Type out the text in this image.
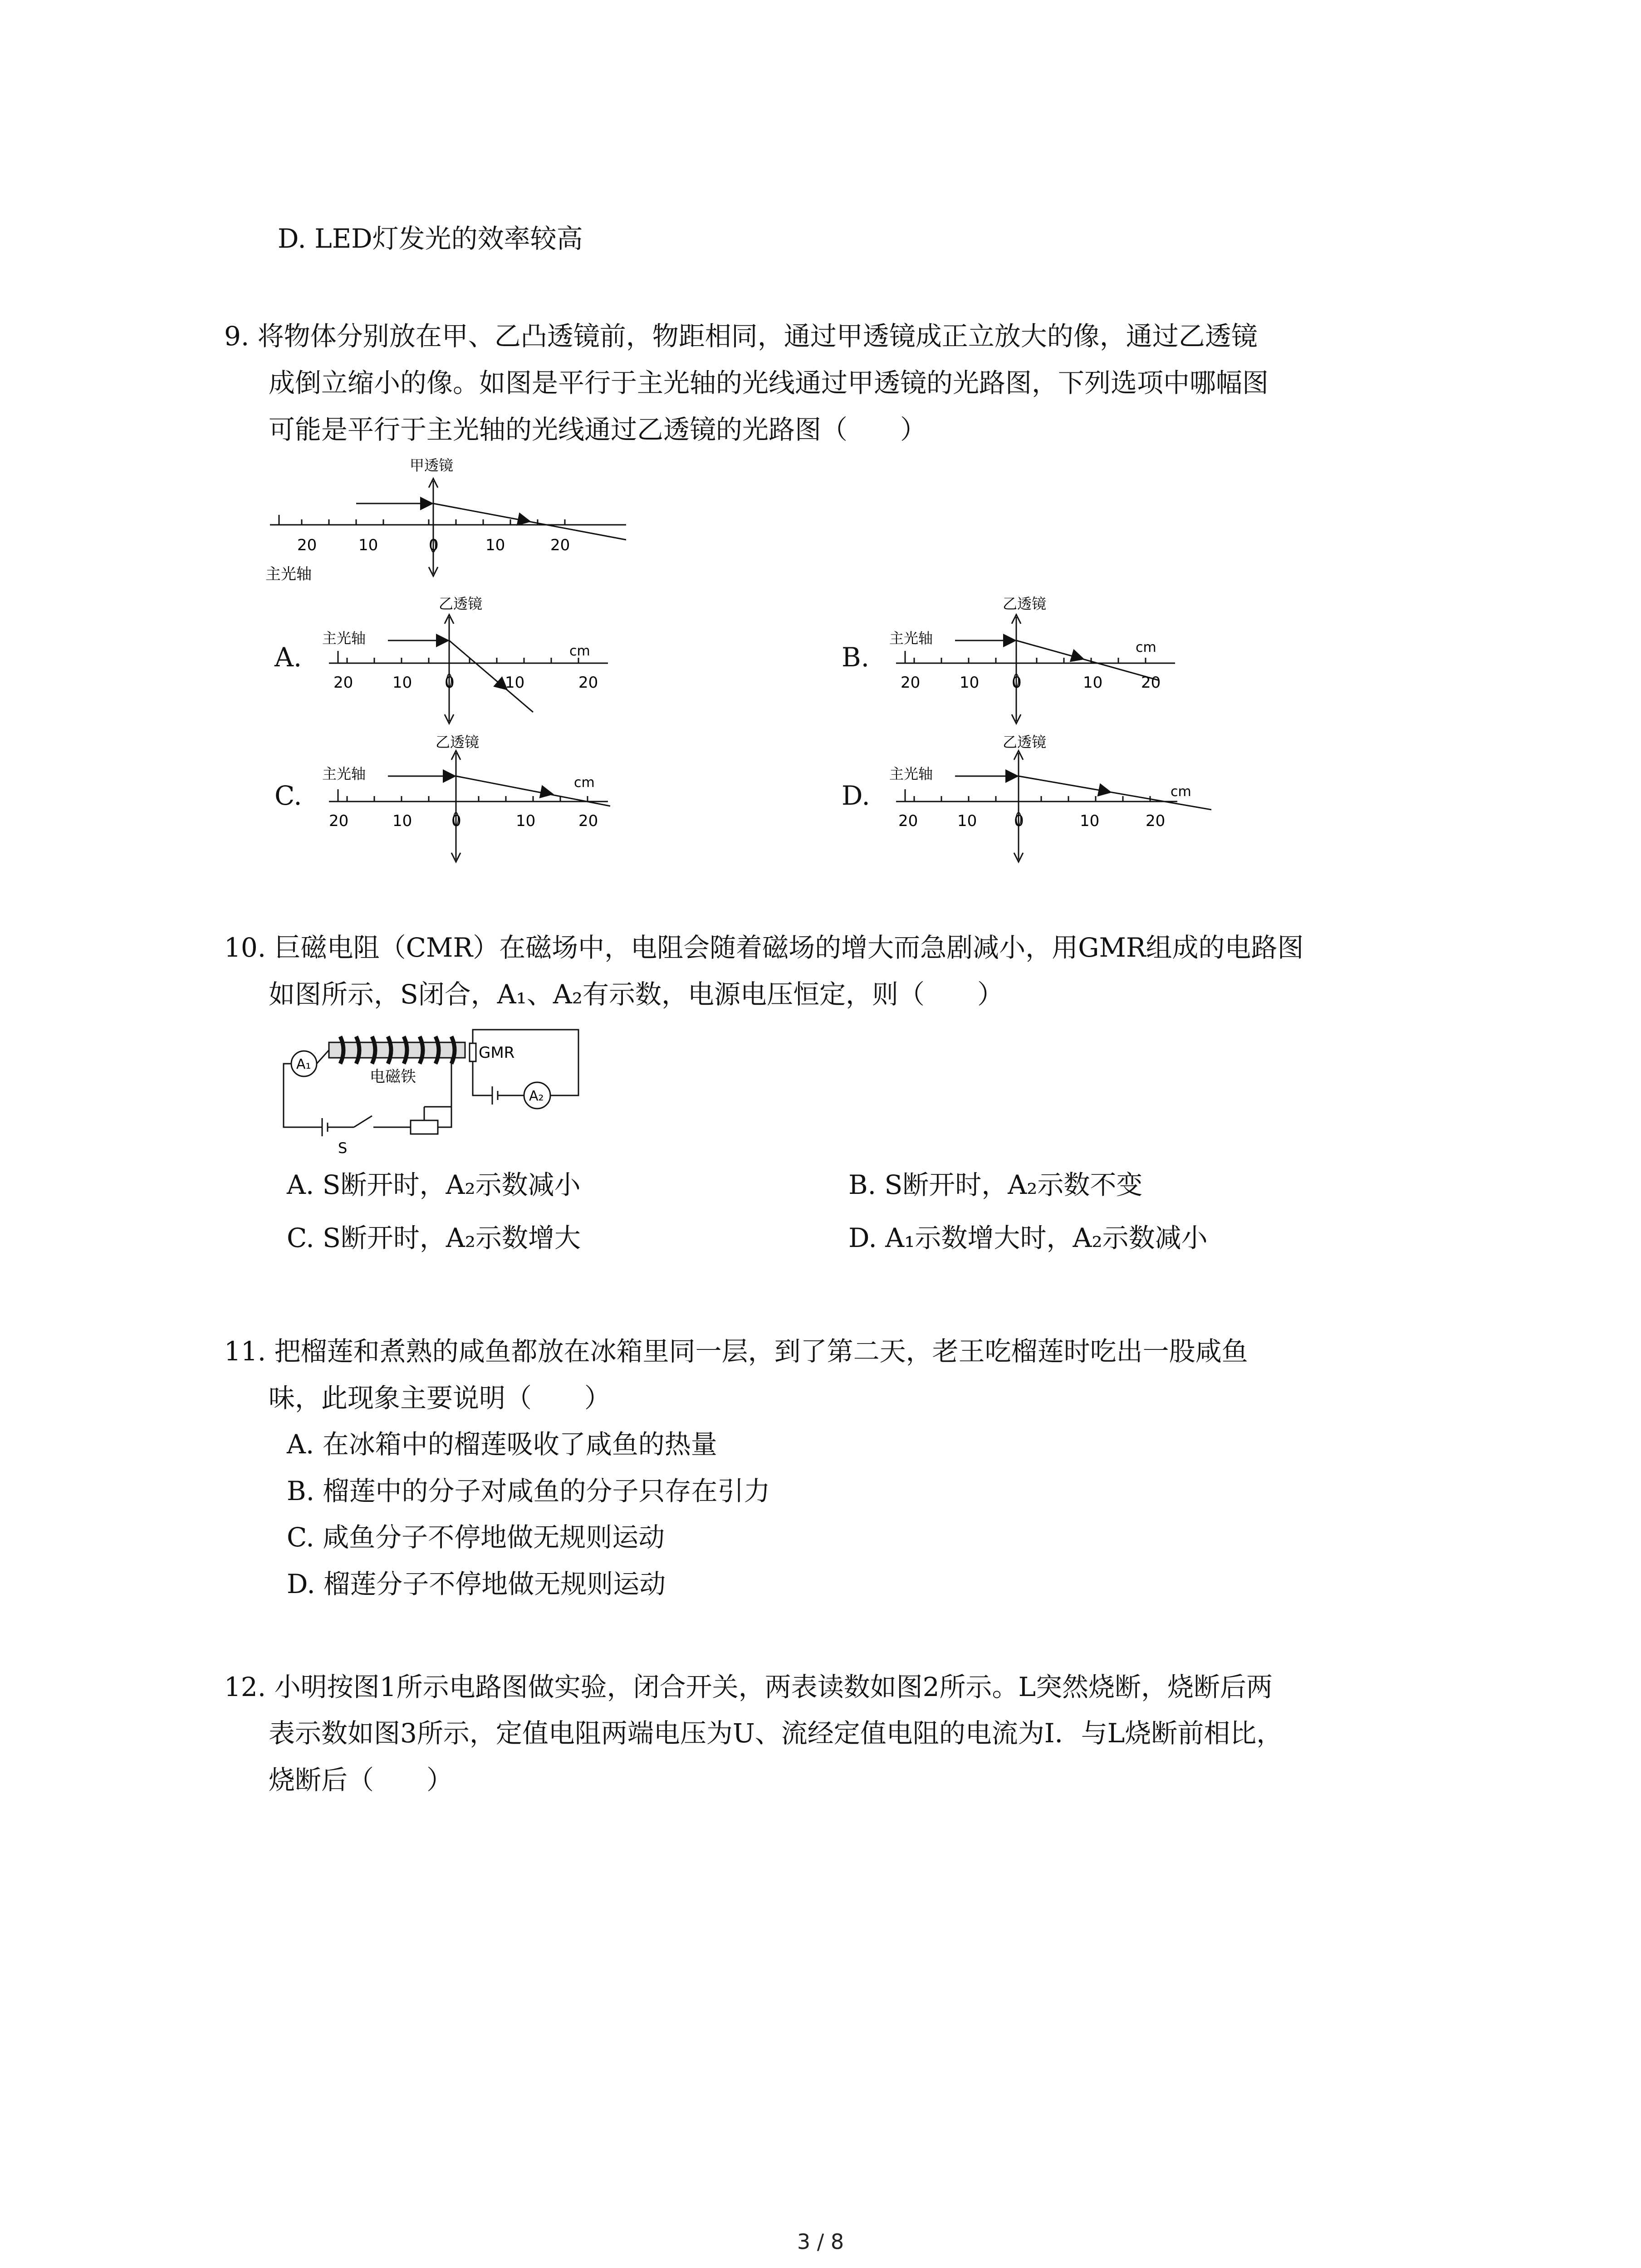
D. LED灯发光的效率较高
9. 将物体分别放在甲、乙凸透镜前，物距相同，通过甲透镜成正立放大的像，通过乙透镜
成倒立缩小的像。如图是平行于主光轴的光线通过甲透镜的光路图，下列选项中哪幅图
可能是平行于主光轴的光线通过乙透镜的光路图（　　）
甲透镜
20	10	0	10	20
主光轴
A.
乙透镜
主光轴
cm
20	10 0	10	20
B.
乙透镜
主光轴
cm
20	10 0	10 20
C.
乙透镜
主光轴
cm
20	10	0	10	20
D.
乙透镜
主光轴
cm
20	10 0	10	20
10. 巨磁电阻（CMR）在磁场中，电阻会随着磁场的增大而急剧减小，用GMR组成的电路图
如图所示，S闭合，A₁、A₂有示数，电源电压恒定，则（　　）
电磁铁
GMR
A₂
A₁
S
A. S断开时，A₂示数减小	B. S断开时，A₂示数不变
C. S断开时，A₂示数增大	D. A₁示数增大时，A₂示数减小
11. 把榴莲和煮熟的咸鱼都放在冰箱里同一层，到了第二天，老王吃榴莲时吃出一股咸鱼
味，此现象主要说明（　　）
A. 在冰箱中的榴莲吸收了咸鱼的热量
B. 榴莲中的分子对咸鱼的分子只存在引力
C. 咸鱼分子不停地做无规则运动
D. 榴莲分子不停地做无规则运动
12. 小明按图1所示电路图做实验，闭合开关，两表读数如图2所示。L突然烧断，烧断后两
表示数如图3所示，定值电阻两端电压为U、流经定值电阻的电流为I．与L烧断前相比，
烧断后（　　）
3 / 8
